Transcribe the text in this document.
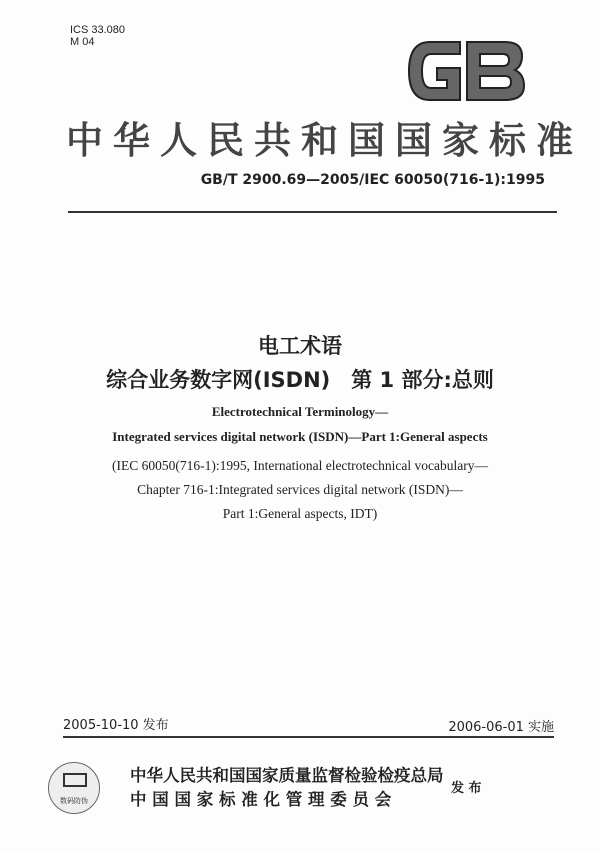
ICS 33.080
M 04
中华人民共和国国家标准
GB/T 2900.69—2005/IEC 60050(716-1):1995
电工术语
综合业务数字网(ISDN)　第 1 部分:总则
Electrotechnical Terminology—
Integrated services digital network (ISDN)—Part 1:General aspects
(IEC 60050(716-1):1995, International electrotechnical vocabulary—
Chapter 716-1:Integrated services digital network (ISDN)—
Part 1:General aspects, IDT)
2005-10-10 发布	2006-06-01 实施
数码防伪
中华人民共和国国家质量监督检验检疫总局
中 国 国 家 标 准 化 管 理 委 员 会
发 布
